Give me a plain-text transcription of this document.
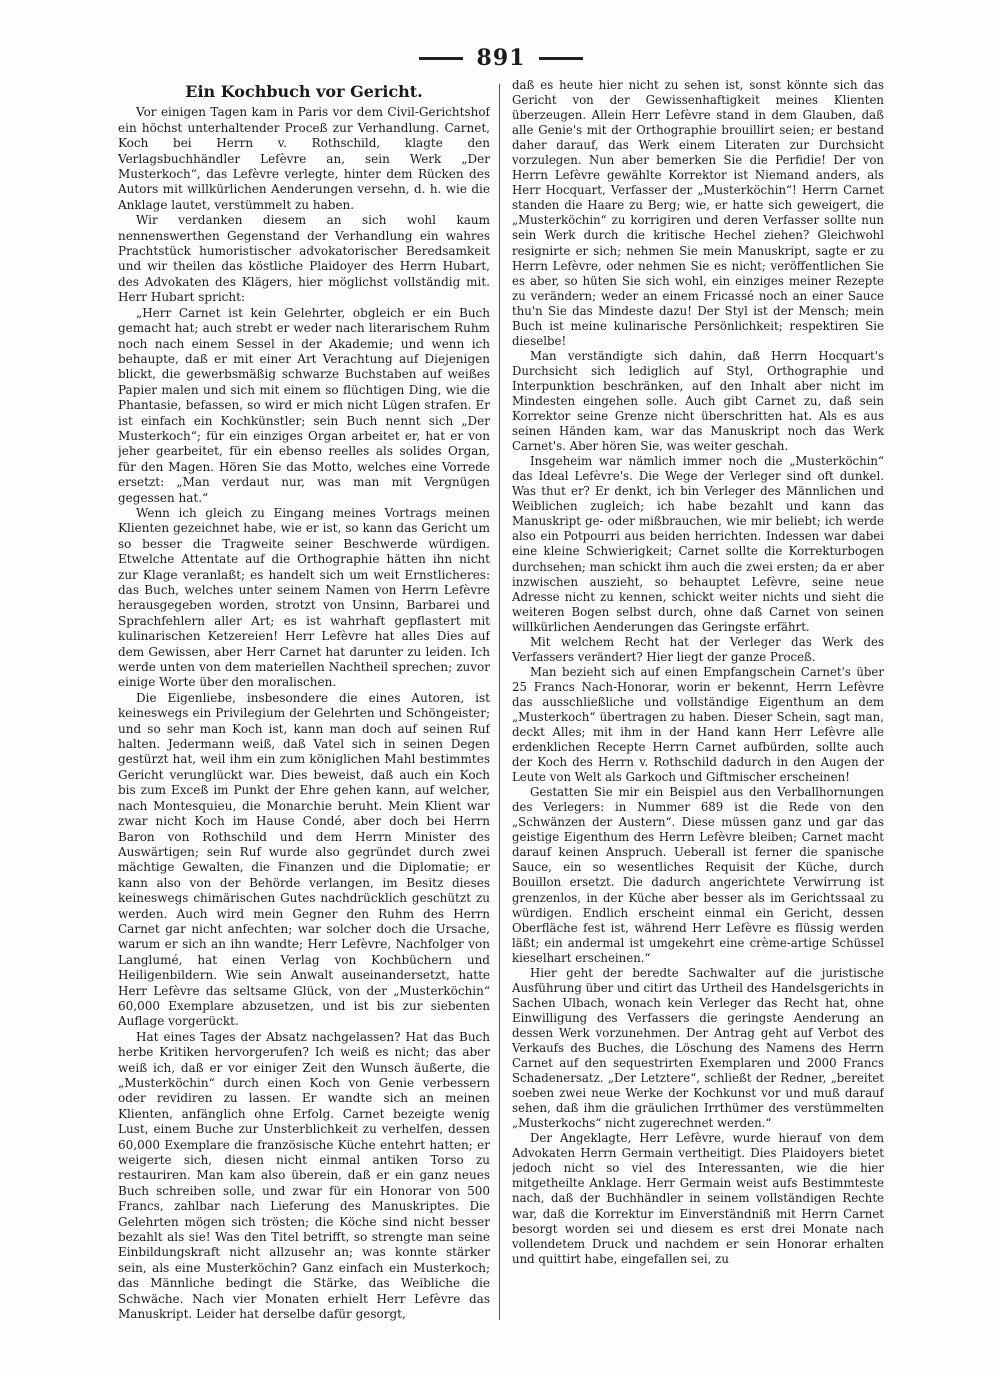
891
Ein Kochbuch vor Gericht.

Vor einigen Tagen kam in Paris vor dem Civil-Gerichtshof ein höchst unterhaltender Proceß zur Verhandlung. Carnet, Koch bei Herrn v. Rothschild, klagte den Verlagsbuchhändler Lefèvre an, sein Werk „Der Musterkoch“, das Lefèvre verlegte, hinter dem Rücken des Autors mit willkürlichen Aenderungen versehn, d. h. wie die Anklage lautet, verstümmelt zu haben.

Wir verdanken diesem an sich wohl kaum nennenswerthen Gegenstand der Verhandlung ein wahres Prachtstück humoristischer advokatorischer Beredsamkeit und wir theilen das köstliche Plaidoyer des Herrn Hubart, des Advokaten des Klägers, hier möglichst vollständig mit. Herr Hubart spricht:

„Herr Carnet ist kein Gelehrter, obgleich er ein Buch gemacht hat; auch strebt er weder nach literarischem Ruhm noch nach einem Sessel in der Akademie; und wenn ich behaupte, daß er mit einer Art Verachtung auf Diejenigen blickt, die gewerbsmäßig schwarze Buchstaben auf weißes Papier malen und sich mit einem so flüchtigen Ding, wie die Phantasie, befassen, so wird er mich nicht Lügen strafen. Er ist einfach ein Kochkünstler; sein Buch nennt sich „Der Musterkoch“; für ein einziges Organ arbeitet er, hat er von jeher gearbeitet, für ein ebenso reelles als solides Organ, für den Magen. Hören Sie das Motto, welches eine Vorrede ersetzt: „Man verdaut nur, was man mit Vergnügen gegessen hat.“

Wenn ich gleich zu Eingang meines Vortrags meinen Klienten gezeichnet habe, wie er ist, so kann das Gericht um so besser die Tragweite seiner Beschwerde würdigen. Etwelche Attentate auf die Orthographie hätten ihn nicht zur Klage veranlaßt; es handelt sich um weit Ernstlicheres: das Buch, welches unter seinem Namen von Herrn Lefèvre herausgegeben worden, strotzt von Unsinn, Barbarei und Sprachfehlern aller Art; es ist wahrhaft gepflastert mit kulinarischen Ketzereien! Herr Lefèvre hat alles Dies auf dem Gewissen, aber Herr Carnet hat darunter zu leiden. Ich werde unten von dem materiellen Nachtheil sprechen; zuvor einige Worte über den moralischen.

Die Eigenliebe, insbesondere die eines Autoren, ist keineswegs ein Privilegium der Gelehrten und Schöngeister; und so sehr man Koch ist, kann man doch auf seinen Ruf halten. Jedermann weiß, daß Vatel sich in seinen Degen gestürzt hat, weil ihm ein zum königlichen Mahl bestimmtes Gericht verunglückt war. Dies beweist, daß auch ein Koch bis zum Exceß im Punkt der Ehre gehen kann, auf welcher, nach Montesquieu, die Monarchie beruht. Mein Klient war zwar nicht Koch im Hause Condé, aber doch bei Herrn Baron von Rothschild und dem Herrn Minister des Auswärtigen; sein Ruf wurde also gegründet durch zwei mächtige Gewalten, die Finanzen und die Diplomatie; er kann also von der Behörde verlangen, im Besitz dieses keineswegs chimärischen Gutes nachdrücklich geschützt zu werden. Auch wird mein Gegner den Ruhm des Herrn Carnet gar nicht anfechten; war solcher doch die Ursache, warum er sich an ihn wandte; Herr Lefèvre, Nachfolger von Langlumé, hat einen Verlag von Kochbüchern und Heiligenbildern. Wie sein Anwalt auseinandersetzt, hatte Herr Lefèvre das seltsame Glück, von der „Musterköchin“ 60,000 Exemplare abzusetzen, und ist bis zur siebenten Auflage vorgerückt.

Hat eines Tages der Absatz nachgelassen? Hat das Buch herbe Kritiken hervorgerufen? Ich weiß es nicht; das aber weiß ich, daß er vor einiger Zeit den Wunsch äußerte, die „Musterköchin“ durch einen Koch von Genie verbessern oder revidiren zu lassen. Er wandte sich an meinen Klienten, anfänglich ohne Erfolg. Carnet bezeigte wenig Lust, einem Buche zur Unsterblichkeit zu verhelfen, dessen 60,000 Exemplare die französische Küche entehrt hatten; er weigerte sich, diesen nicht einmal antiken Torso zu restauriren. Man kam also überein, daß er ein ganz neues Buch schreiben solle, und zwar für ein Honorar von 500 Francs, zahlbar nach Lieferung des Manuskriptes. Die Gelehrten mögen sich trösten; die Köche sind nicht besser bezahlt als sie! Was den Titel betrifft, so strengte man seine Einbildungskraft nicht allzusehr an; was konnte stärker sein, als eine Musterköchin? Ganz einfach ein Musterkoch; das Männliche bedingt die Stärke, das Weibliche die Schwäche. Nach vier Monaten erhielt Herr Lefèvre das Manuskript. Leider hat derselbe dafür gesorgt,

daß es heute hier nicht zu sehen ist, sonst könnte sich das Gericht von der Gewissenhaftigkeit meines Klienten überzeugen. Allein Herr Lefèvre stand in dem Glauben, daß alle Genie's mit der Orthographie brouillirt seien; er bestand daher darauf, das Werk einem Literaten zur Durchsicht vorzulegen. Nun aber bemerken Sie die Perfidie! Der von Herrn Lefèvre gewählte Korrektor ist Niemand anders, als Herr Hocquart, Verfasser der „Musterköchin“! Herrn Carnet standen die Haare zu Berg; wie, er hatte sich geweigert, die „Musterköchin“ zu korrigiren und deren Verfasser sollte nun sein Werk durch die kritische Hechel ziehen? Gleichwohl resignirte er sich; nehmen Sie mein Manuskript, sagte er zu Herrn Lefèvre, oder nehmen Sie es nicht; veröffentlichen Sie es aber, so hüten Sie sich wohl, ein einziges meiner Rezepte zu verändern; weder an einem Fricassé noch an einer Sauce thu'n Sie das Mindeste dazu! Der Styl ist der Mensch; mein Buch ist meine kulinarische Persönlichkeit; respektiren Sie dieselbe!

Man verständigte sich dahin, daß Herrn Hocquart's Durchsicht sich lediglich auf Styl, Orthographie und Interpunktion beschränken, auf den Inhalt aber nicht im Mindesten eingehen solle. Auch gibt Carnet zu, daß sein Korrektor seine Grenze nicht überschritten hat. Als es aus seinen Händen kam, war das Manuskript noch das Werk Carnet's. Aber hören Sie, was weiter geschah.

Insgeheim war nämlich immer noch die „Musterköchin“ das Ideal Lefèvre's. Die Wege der Verleger sind oft dunkel. Was thut er? Er denkt, ich bin Verleger des Männlichen und Weiblichen zugleich; ich habe bezahlt und kann das Manuskript ge- oder mißbrauchen, wie mir beliebt; ich werde also ein Potpourri aus beiden herrichten. Indessen war dabei eine kleine Schwierigkeit; Carnet sollte die Korrekturbogen durchsehen; man schickt ihm auch die zwei ersten; da er aber inzwischen auszieht, so behauptet Lefèvre, seine neue Adresse nicht zu kennen, schickt weiter nichts und sieht die weiteren Bogen selbst durch, ohne daß Carnet von seinen willkürlichen Aenderungen das Geringste erfährt.

Mit welchem Recht hat der Verleger das Werk des Verfassers verändert? Hier liegt der ganze Proceß.

Man bezieht sich auf einen Empfangschein Carnet's über 25 Francs Nach-Honorar, worin er bekennt, Herrn Lefèvre das ausschließliche und vollständige Eigenthum an dem „Musterkoch“ übertragen zu haben. Dieser Schein, sagt man, deckt Alles; mit ihm in der Hand kann Herr Lefèvre alle erdenklichen Recepte Herrn Carnet aufbürden, sollte auch der Koch des Herrn v. Rothschild dadurch in den Augen der Leute von Welt als Garkoch und Giftmischer erscheinen!

Gestatten Sie mir ein Beispiel aus den Verballhornungen des Verlegers: in Nummer 689 ist die Rede von den „Schwänzen der Austern“. Diese müssen ganz und gar das geistige Eigenthum des Herrn Lefèvre bleiben; Carnet macht darauf keinen Anspruch. Ueberall ist ferner die spanische Sauce, ein so wesentliches Requisit der Küche, durch Bouillon ersetzt. Die dadurch angerichtete Verwirrung ist grenzenlos, in der Küche aber besser als im Gerichtssaal zu würdigen. Endlich erscheint einmal ein Gericht, dessen Oberfläche fest ist, während Herr Lefèvre es flüssig werden läßt; ein andermal ist umgekehrt eine crème-artige Schüssel kieselhart erscheinen.“

Hier geht der beredte Sachwalter auf die juristische Ausführung über und citirt das Urtheil des Handelsgerichts in Sachen Ulbach, wonach kein Verleger das Recht hat, ohne Einwilligung des Verfassers die geringste Aenderung an dessen Werk vorzunehmen. Der Antrag geht auf Verbot des Verkaufs des Buches, die Löschung des Namens des Herrn Carnet auf den sequestrirten Exemplaren und 2000 Francs Schadenersatz. „Der Letztere“, schließt der Redner, „bereitet soeben zwei neue Werke der Kochkunst vor und muß darauf sehen, daß ihm die gräulichen Irrthümer des verstümmelten „Musterkochs“ nicht zugerechnet werden.“

Der Angeklagte, Herr Lefèvre, wurde hierauf von dem Advokaten Herrn Germain vertheitigt. Dies Plaidoyers bietet jedoch nicht so viel des Interessanten, wie die hier mitgetheilte Anklage. Herr Germain weist aufs Bestimmteste nach, daß der Buchhändler in seinem vollständigen Rechte war, daß die Korrektur im Einverständniß mit Herrn Carnet besorgt worden sei und diesem es erst drei Monate nach vollendetem Druck und nachdem er sein Honorar erhalten und quittirt habe, eingefallen sei, zu
